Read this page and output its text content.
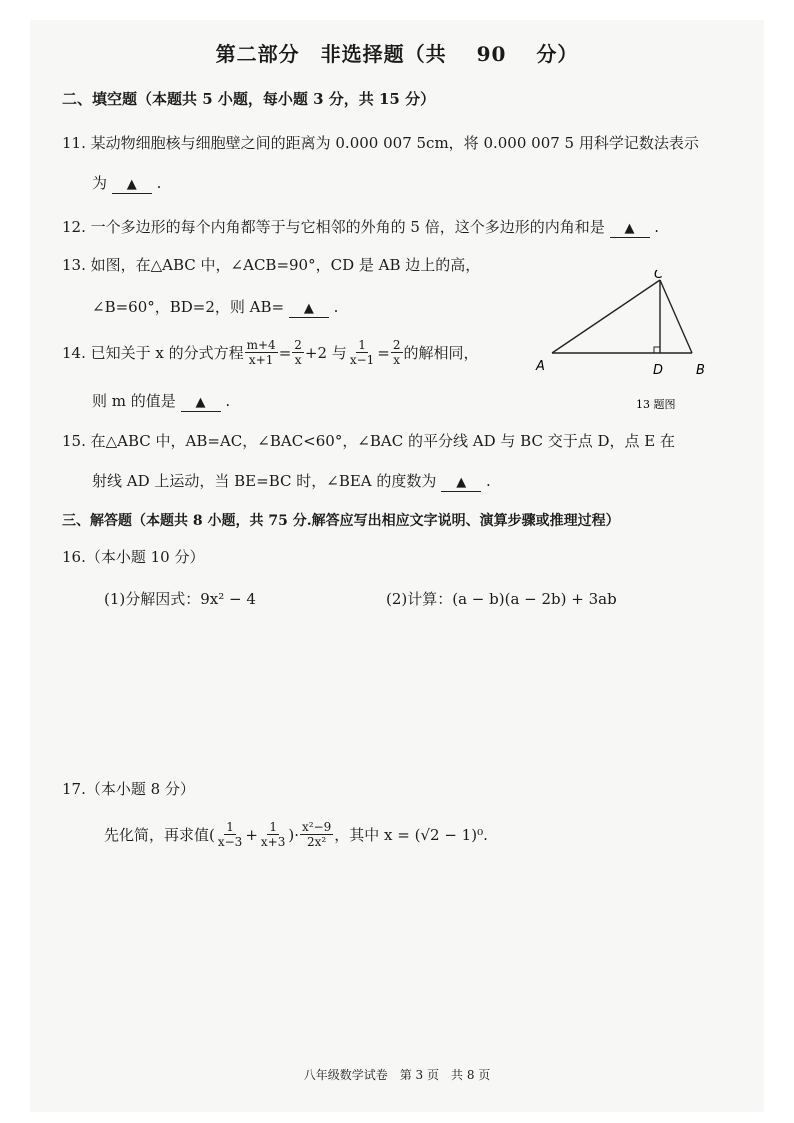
第二部分　非选择题（共 90 分）
二、填空题（本题共 5 小题，每小题 3 分，共 15 分）
11. 某动物细胞核与细胞壁之间的距离为 0.000 007 5cm，将 0.000 007 5 用科学记数法表示
为 ▲ .
12. 一个多边形的每个内角都等于与它相邻的外角的 5 倍，这个多边形的内角和是 ▲ .
13. 如图，在△ABC 中，∠ACB=90°，CD 是 AB 边上的高，
∠B=60°，BD=2，则 AB= ▲ .
C
A	D	B
13 题图
14. 已知关于 x 的分式方程 $\frac{m+4}{x+1} = \frac{2}{x} +2$ 与 $\frac{1}{x-1} = \frac{2}{x}$ 的解相同，
则 m 的值是 ▲ .
15. 在△ABC 中，AB=AC，∠BAC<60°，∠BAC 的平分线 AD 与 BC 交于点 D，点 E 在
射线 AD 上运动，当 BE=BC 时，∠BEA 的度数为 ▲ .
三、解答题（本题共 8 小题，共 75 分.解答应写出相应文字说明、演算步骤或推理过程）
16.（本小题 10 分）
(1)分解因式：9x² − 4	(2)计算：(a − b)(a − 2b) + 3ab
17.（本小题 8 分）
先化简，再求值( $\frac{1}{x-3} + \frac{1}{x+3}$ )· $\frac{\text{x²−9}}{\text{2x²}}$ ，其中 x = (√2 − 1)⁰.
八年级数学试卷　第 3 页　共 8 页
